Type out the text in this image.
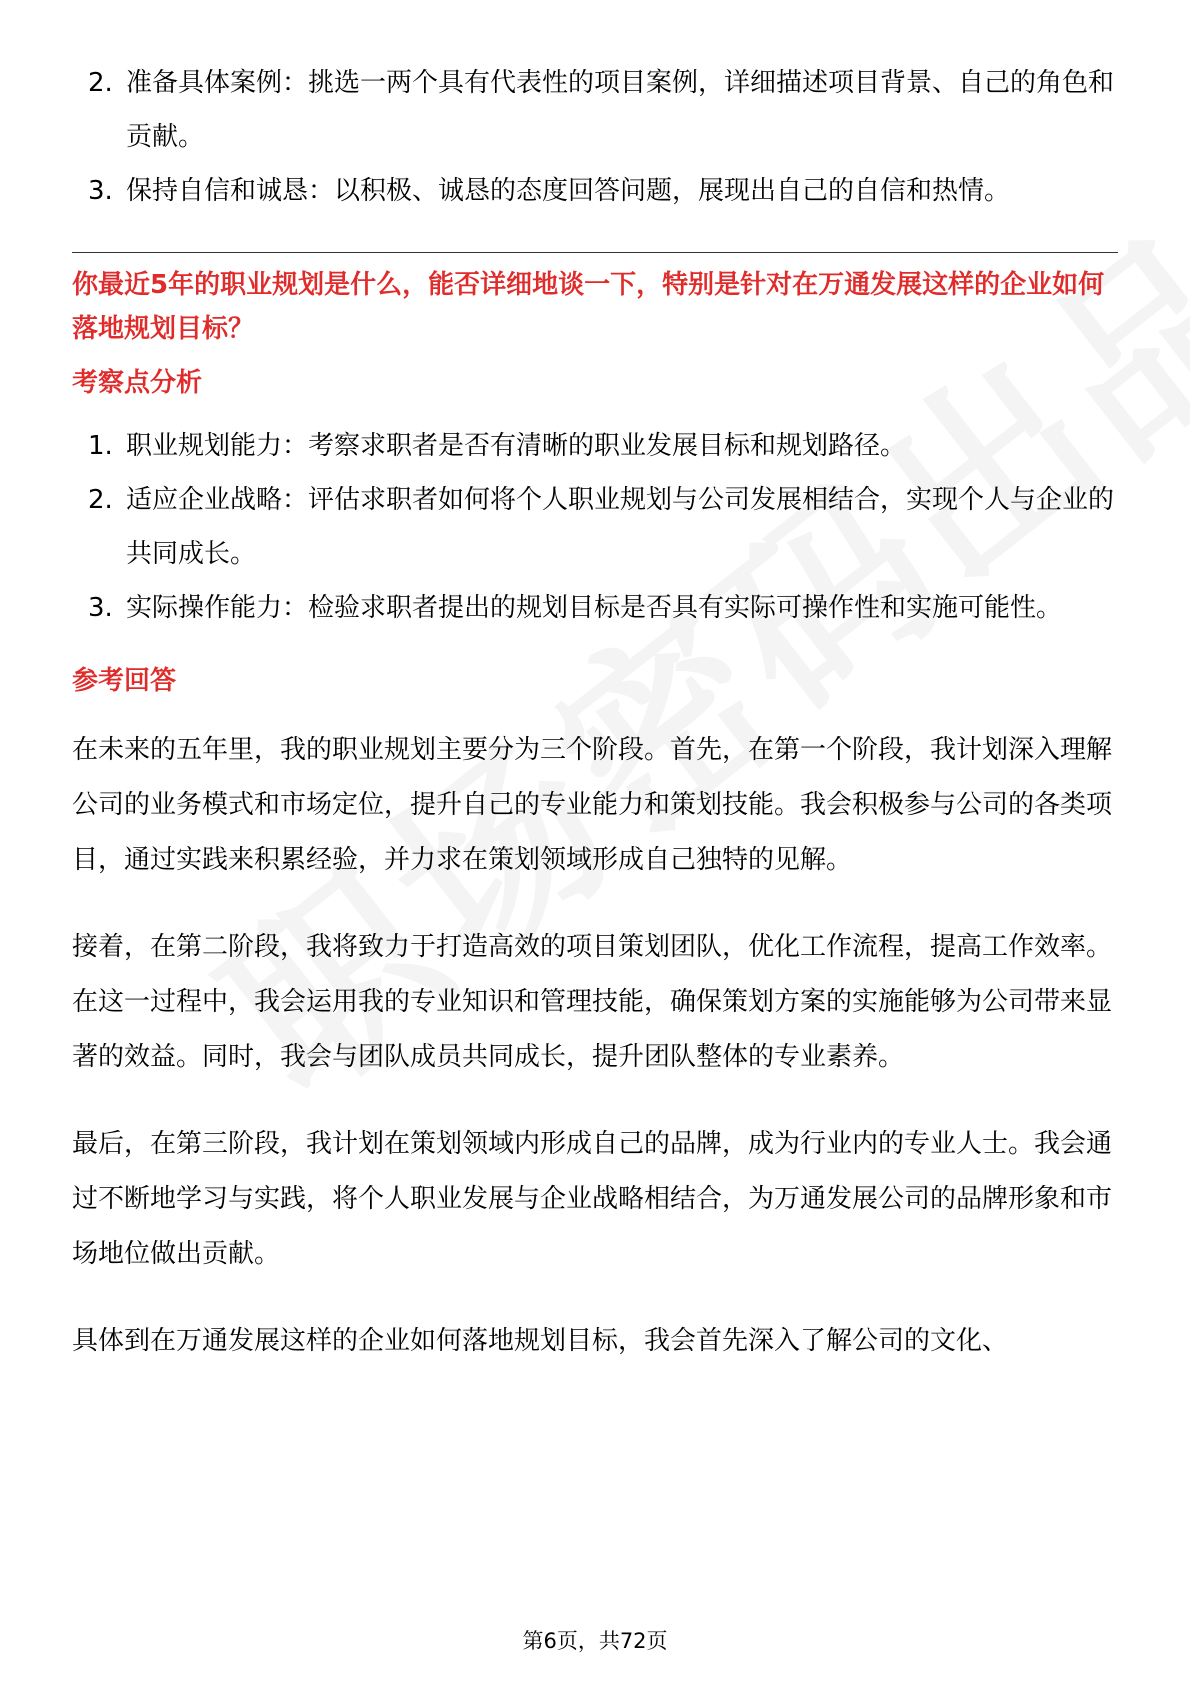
2. 准备具体案例：挑选一两个具有代表性的项目案例，详细描述项目背景、自己的角色和贡献。
3. 保持自信和诚恳：以积极、诚恳的态度回答问题，展现出自己的自信和热情。
你最近5年的职业规划是什么，能否详细地谈一下，特别是针对在万通发展这样的企业如何落地规划目标？
考察点分析
1. 职业规划能力：考察求职者是否有清晰的职业发展目标和规划路径。
2. 适应企业战略：评估求职者如何将个人职业规划与公司发展相结合，实现个人与企业的共同成长。
3. 实际操作能力：检验求职者提出的规划目标是否具有实际可操作性和实施可能性。
参考回答

在未来的五年里，我的职业规划主要分为三个阶段。首先，在第一个阶段，我计划深入理解公司的业务模式和市场定位，提升自己的专业能力和策划技能。我会积极参与公司的各类项目，通过实践来积累经验，并力求在策划领域形成自己独特的见解。

接着，在第二阶段，我将致力于打造高效的项目策划团队，优化工作流程，提高工作效率。在这一过程中，我会运用我的专业知识和管理技能，确保策划方案的实施能够为公司带来显著的效益。同时，我会与团队成员共同成长，提升团队整体的专业素养。

最后，在第三阶段，我计划在策划领域内形成自己的品牌，成为行业内的专业人士。我会通过不断地学习与实践，将个人职业发展与企业战略相结合，为万通发展公司的品牌形象和市场地位做出贡献。

具体到在万通发展这样的企业如何落地规划目标，我会首先深入了解公司的文化、

第6页，共72页
